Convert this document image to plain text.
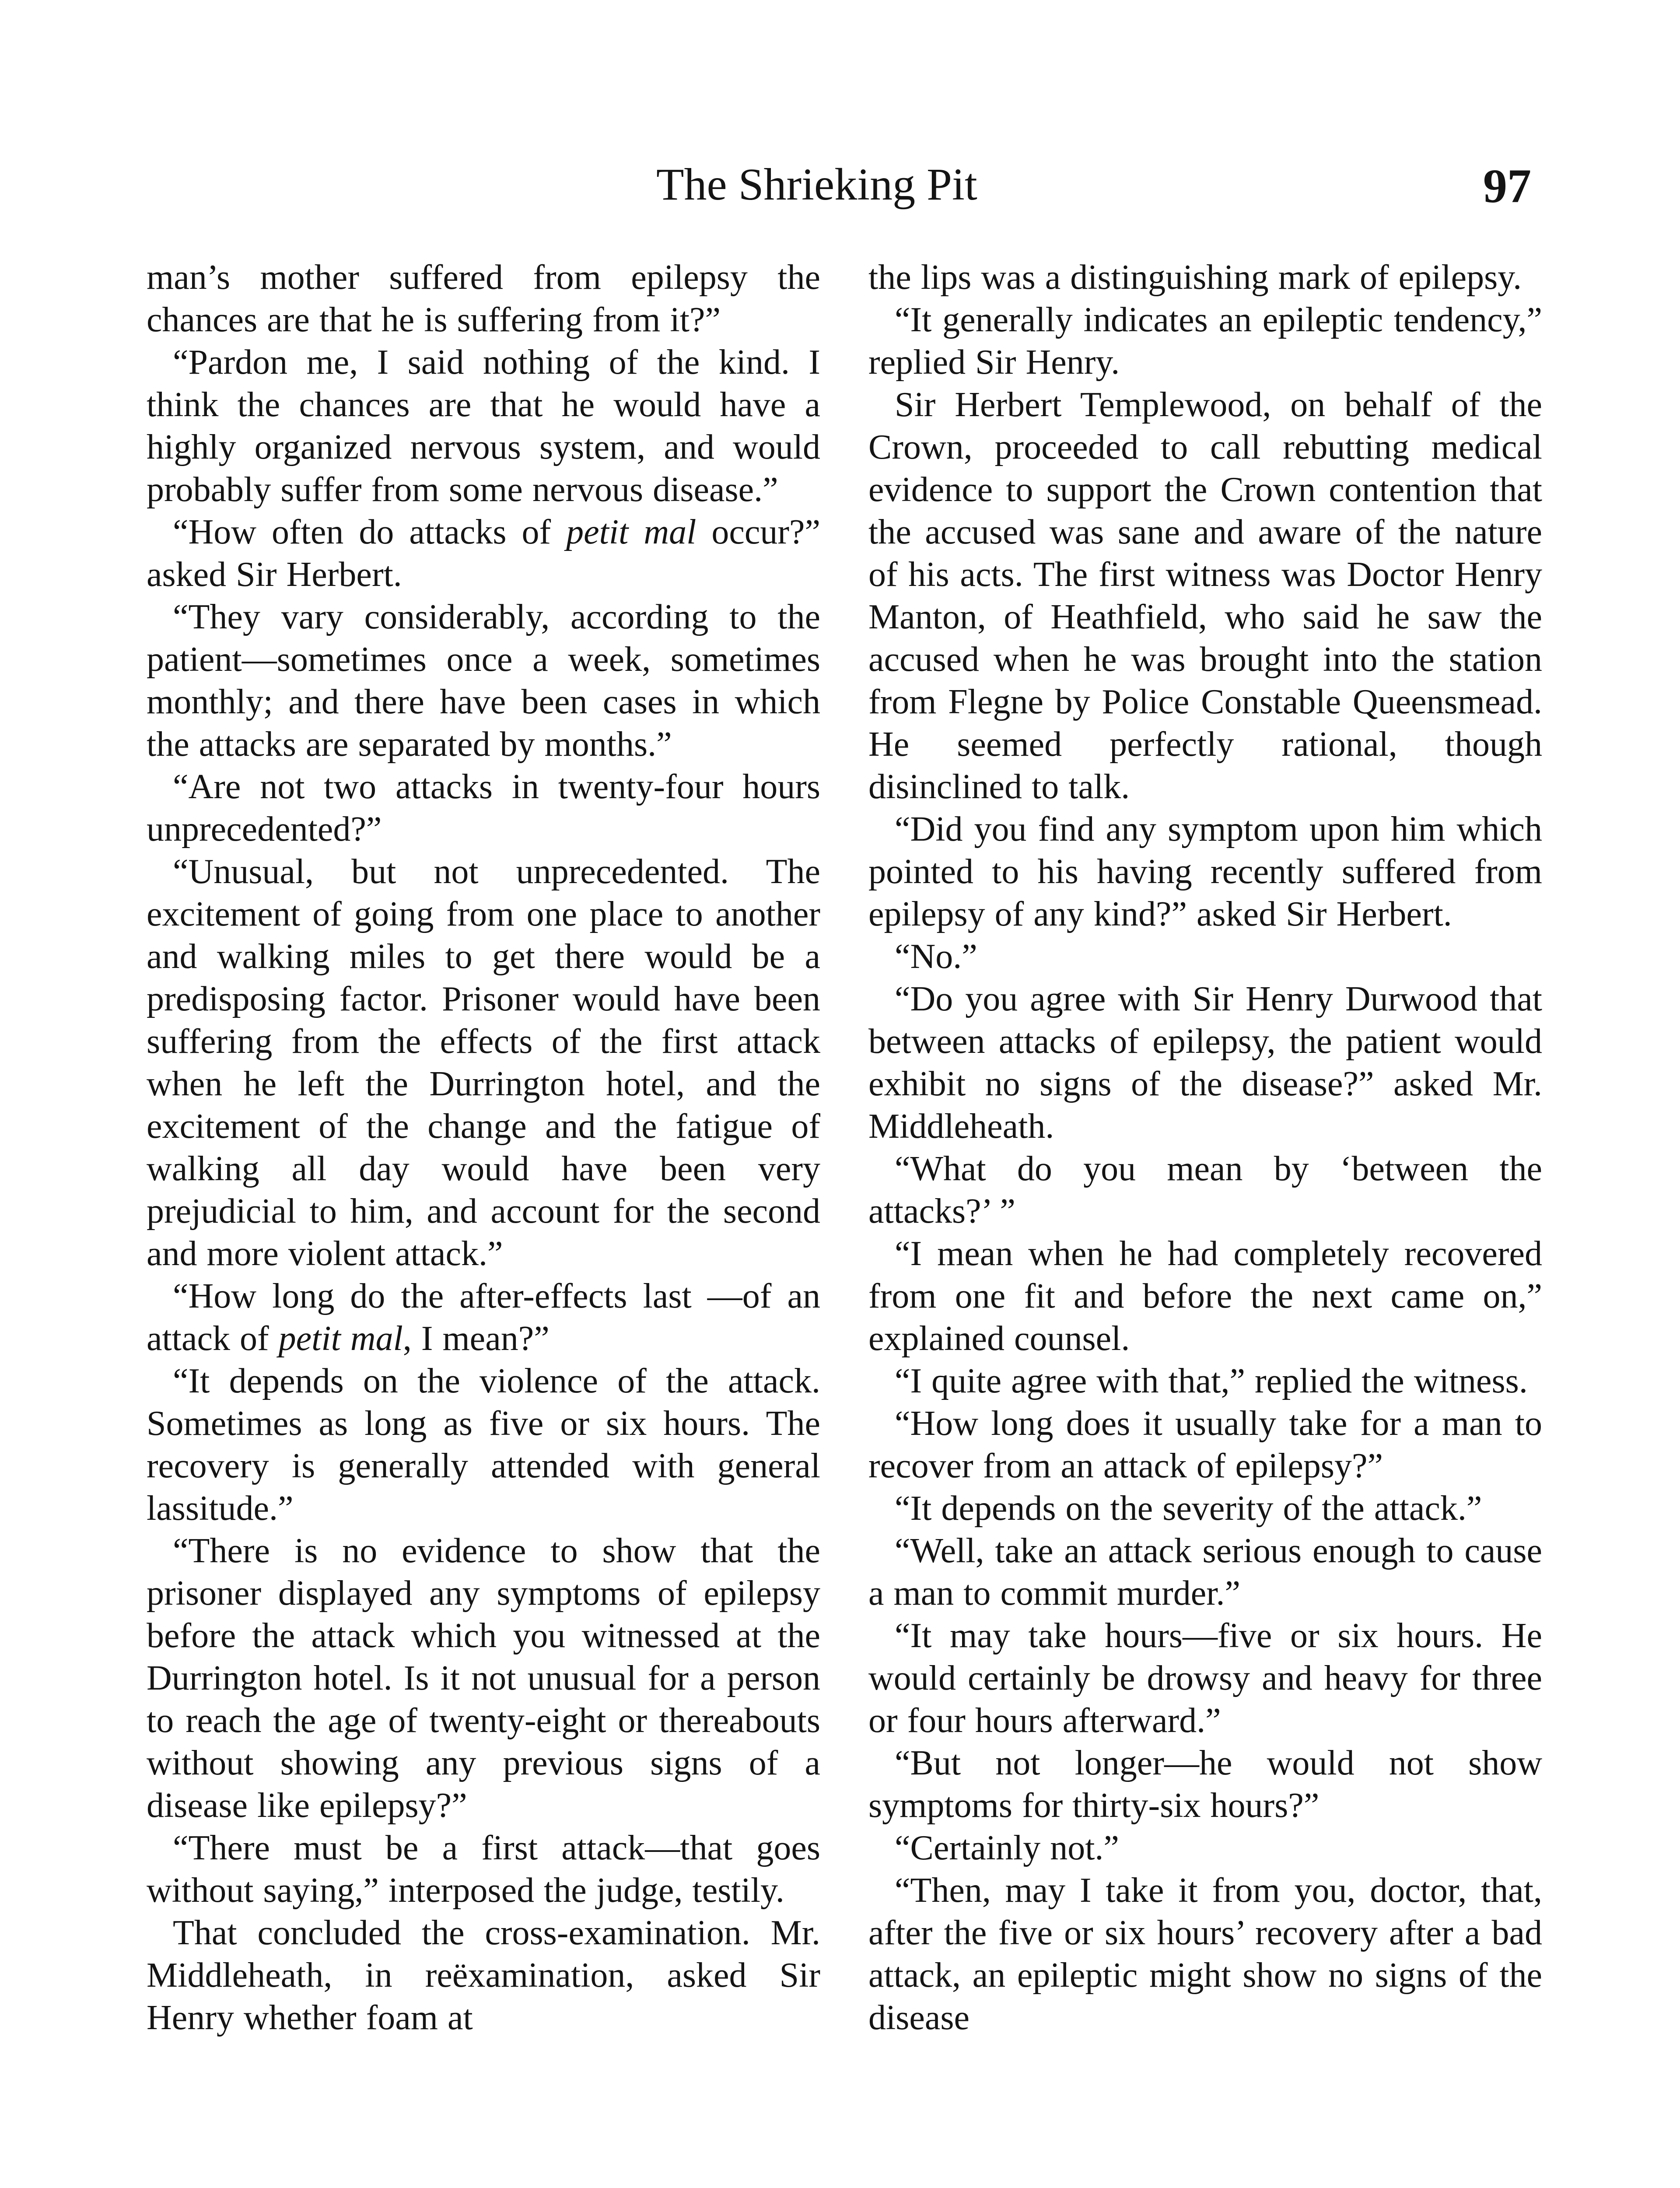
The Shrieking Pit	97

man’s mother suffered from epilepsy the chances are that he is suffering from it?”

“Pardon me, I said nothing of the kind. I think the chances are that he would have a highly organized nervous system, and would probably suffer from some nervous disease.”

“How often do attacks of petit mal occur?” asked Sir Herbert.

“They vary considerably, according to the patient—sometimes once a week, sometimes monthly; and there have been cases in which the attacks are separated by months.”

“Are not two attacks in twenty-four hours unprecedented?”

“Unusual, but not unprecedented. The excitement of going from one place to another and walking miles to get there would be a predisposing factor. Prisoner would have been suffering from the effects of the first attack when he left the Durrington hotel, and the excitement of the change and the fatigue of walking all day would have been very prejudicial to him, and account for the second and more violent attack.”

“How long do the after-effects last —of an attack of petit mal, I mean?”

“It depends on the violence of the attack. Sometimes as long as five or six hours. The recovery is generally attended with general lassitude.”

“There is no evidence to show that the prisoner displayed any symptoms of epilepsy before the attack which you witnessed at the Durrington hotel. Is it not unusual for a person to reach the age of twenty-eight or thereabouts without showing any previous signs of a disease like epilepsy?”

“There must be a first attack—that goes without saying,” interposed the judge, testily.

That concluded the cross-examination. Mr. Middleheath, in reëxamination, asked Sir Henry whether foam at

the lips was a distinguishing mark of epilepsy.

“It generally indicates an epileptic tendency,” replied Sir Henry.

Sir Herbert Templewood, on behalf of the Crown, proceeded to call rebutting medical evidence to support the Crown contention that the accused was sane and aware of the nature of his acts. The first witness was Doctor Henry Manton, of Heathfield, who said he saw the accused when he was brought into the station from Flegne by Police Constable Queensmead. He seemed perfectly rational, though disinclined to talk.

“Did you find any symptom upon him which pointed to his having recently suffered from epilepsy of any kind?” asked Sir Herbert.

“No.”

“Do you agree with Sir Henry Durwood that between attacks of epilepsy, the patient would exhibit no signs of the disease?” asked Mr. Middleheath.

“What do you mean by ‘between the attacks?’ ”

“I mean when he had completely recovered from one fit and before the next came on,” explained counsel.

“I quite agree with that,” replied the witness.

“How long does it usually take for a man to recover from an attack of epilepsy?”

“It depends on the severity of the attack.”

“Well, take an attack serious enough to cause a man to commit murder.”

“It may take hours—five or six hours. He would certainly be drowsy and heavy for three or four hours afterward.”

“But not longer—he would not show symptoms for thirty-six hours?”

“Certainly not.”

“Then, may I take it from you, doctor, that, after the five or six hours’ recovery after a bad attack, an epileptic might show no signs of the disease
